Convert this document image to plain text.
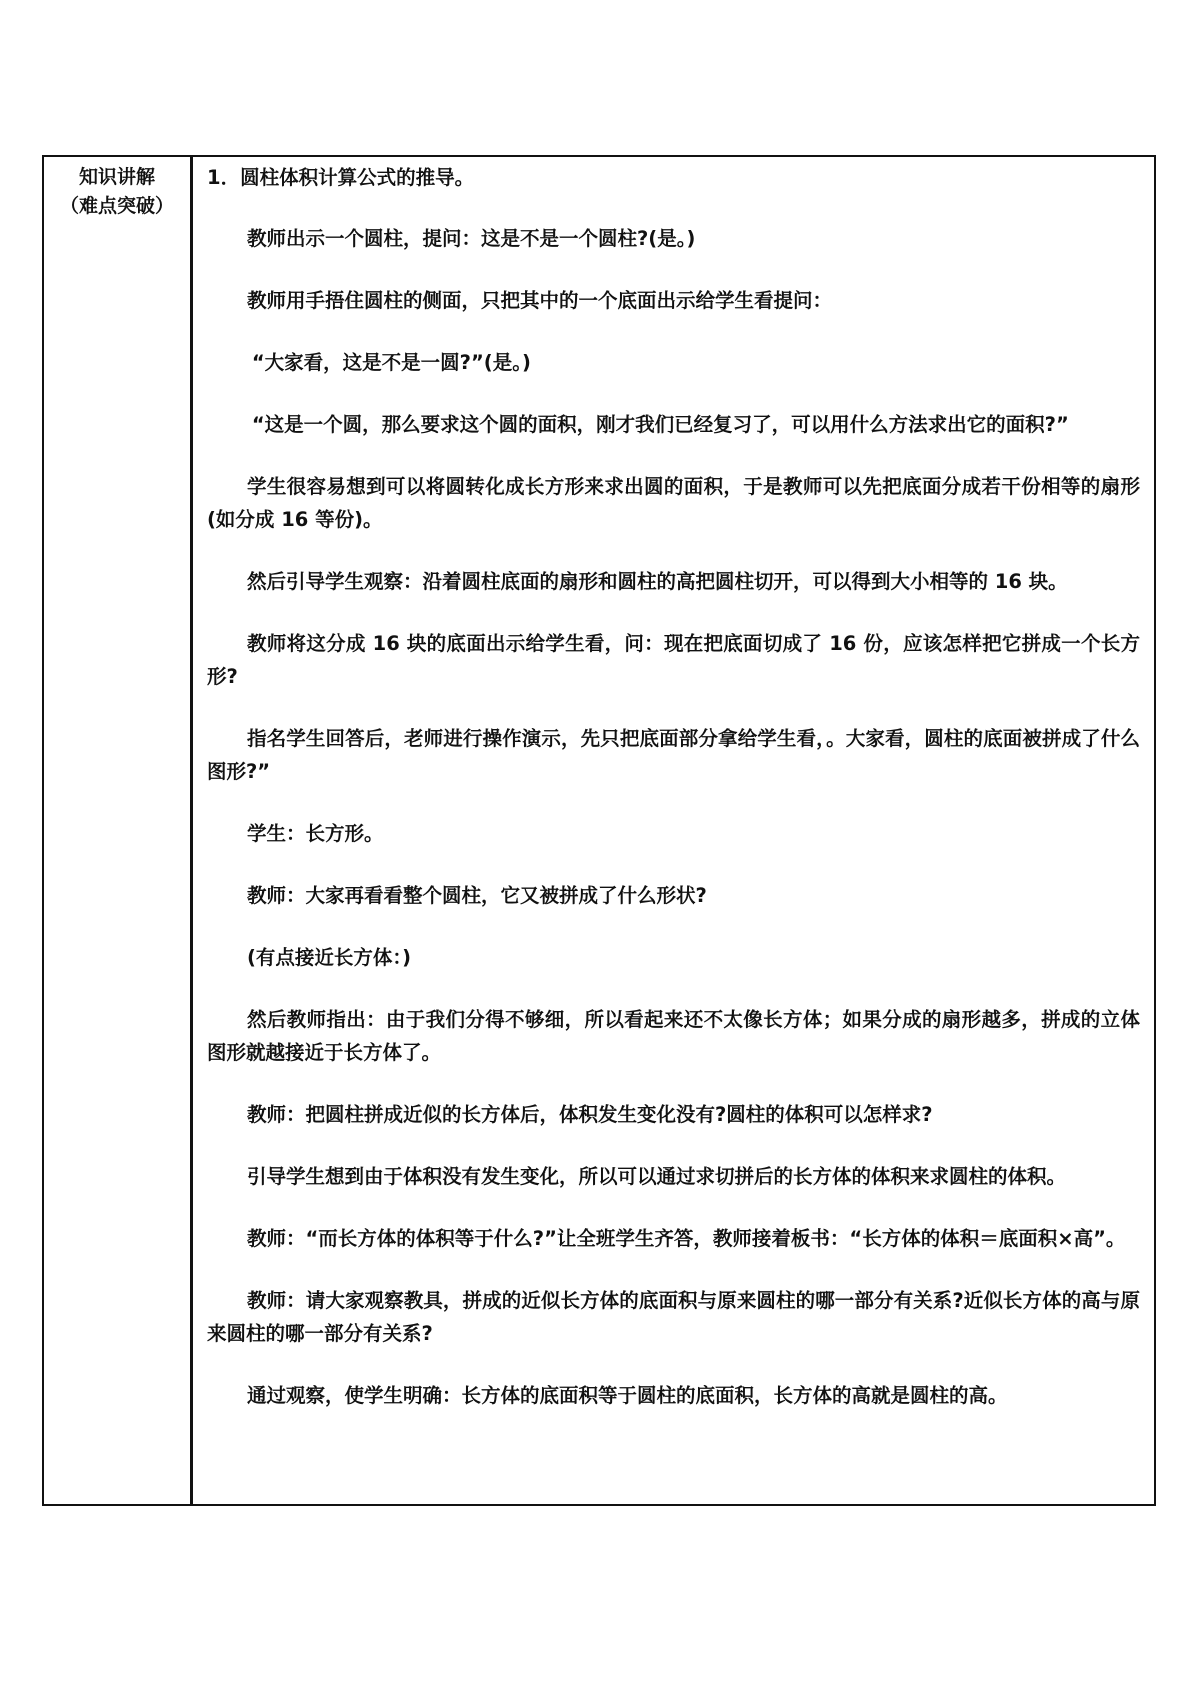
知识讲解
（难点突破）
1．圆柱体积计算公式的推导。

教师出示一个圆柱，提问：这是不是一个圆柱?(是。)

教师用手捂住圆柱的侧面，只把其中的一个底面出示给学生看提问：

“大家看，这是不是一圆?”(是。)

“这是一个圆，那么要求这个圆的面积，刚才我们已经复习了，可以用什么方法求出它的面积?”

学生很容易想到可以将圆转化成长方形来求出圆的面积，于是教师可以先把底面分成若干份相等的扇形(如分成 16 等份)。

然后引导学生观察：沿着圆柱底面的扇形和圆柱的高把圆柱切开，可以得到大小相等的 16 块。

教师将这分成 16 块的底面出示给学生看，问：现在把底面切成了 16 份，应该怎样把它拼成一个长方形?

指名学生回答后，老师进行操作演示，先只把底面部分拿给学生看，。大家看，圆柱的底面被拼成了什么图形?”

学生：长方形。

教师：大家再看看整个圆柱，它又被拼成了什么形状?

(有点接近长方体：)

然后教师指出：由于我们分得不够细，所以看起来还不太像长方体；如果分成的扇形越多，拼成的立体图形就越接近于长方体了。

教师：把圆柱拼成近似的长方体后，体积发生变化没有?圆柱的体积可以怎样求?

引导学生想到由于体积没有发生变化，所以可以通过求切拼后的长方体的体积来求圆柱的体积。

教师：“而长方体的体积等于什么?”让全班学生齐答，教师接着板书：“长方体的体积＝底面积×高”。

教师：请大家观察教具，拼成的近似长方体的底面积与原来圆柱的哪一部分有关系?近似长方体的高与原来圆柱的哪一部分有关系?

通过观察，使学生明确：长方体的底面积等于圆柱的底面积，长方体的高就是圆柱的高。
